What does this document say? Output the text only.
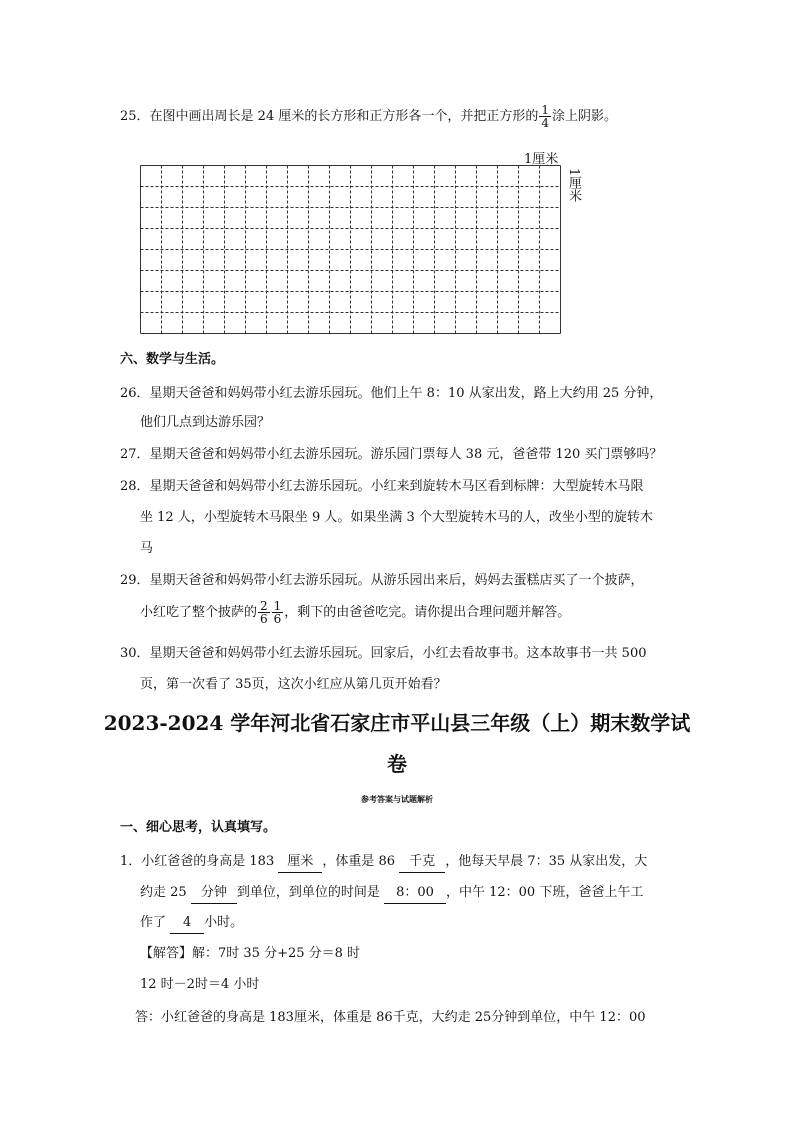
25．在图中画出周长是 24 厘米的长方形和正方形各一个，并把正方形的 $\frac{1}{4}$ 涂上阴影。
1厘米
1厘米
六、数学与生活。
26．星期天爸爸和妈妈带小红去游乐园玩。他们上午 8：10 从家出发，路上大约用 25 分钟，
他们几点到达游乐园？
27．星期天爸爸和妈妈带小红去游乐园玩。游乐园门票每人 38 元，爸爸带 120 买门票够吗？
28．星期天爸爸和妈妈带小红去游乐园玩。小红来到旋转木马区看到标牌：大型旋转木马限
坐 12 人，小型旋转木马限坐 9 人。如果坐满 3 个大型旋转木马的人，改坐小型的旋转木
马
29．星期天爸爸和妈妈带小红去游乐园玩。从游乐园出来后，妈妈去蛋糕店买了一个披萨，
小红吃了整个披萨的 $\frac{2}{6} \frac{1}{6}$ ，剩下的由爸爸吃完。请你提出合理问题并解答。
30．星期天爸爸和妈妈带小红去游乐园玩。回家后，小红去看故事书。这本故事书一共 500
页，第一次看了 35页，这次小红应从第几页开始看？
2023-2024 学年河北省石家庄市平山县三年级（上）期末数学试
卷
参考答案与试题解析
一、细心思考，认真填写。
1．小红爸爸的身高是 183 厘米 ，体重是 86 千克 ，他每天早晨 7：35 从家出发，大
约走 25 分钟 到单位，到单位的时间是 8：00 ，中午 12：00 下班，爸爸上午工
作了 4 小时。
【解答】解：7时 35 分+25 分＝8 时
12 时－2时＝4 小时
答：小红爸爸的身高是 183厘米，体重是 86千克，大约走 25分钟到单位，中午 12：00
